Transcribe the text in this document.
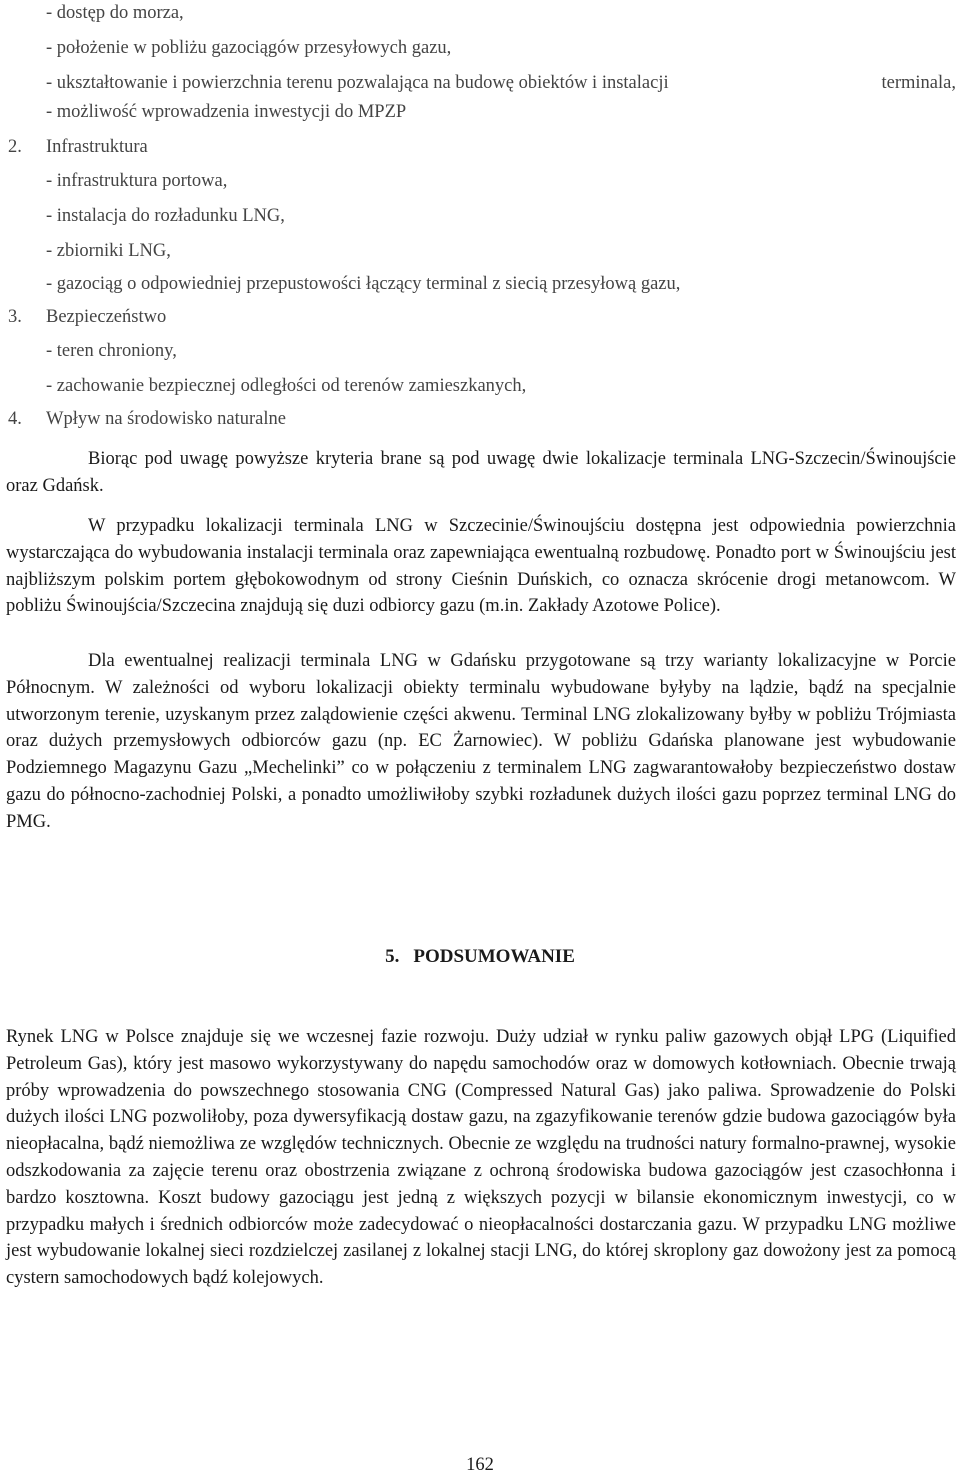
- dostęp do morza,
- położenie w pobliżu gazociągów przesyłowych gazu,
- ukształtowanie i powierzchnia terenu pozwalająca na budowę obiektów i instalacji	terminala,
- możliwość wprowadzenia inwestycji do MPZP
2. Infrastruktura
- infrastruktura portowa,
- instalacja do rozładunku LNG,
- zbiorniki LNG,
- gazociąg o odpowiedniej przepustowości łączący terminal z siecią przesyłową gazu,
3. Bezpieczeństwo
- teren chroniony,
- zachowanie bezpiecznej odległości od terenów zamieszkanych,
4. Wpływ na środowisko naturalne
Biorąc pod uwagę powyższe kryteria brane są pod uwagę dwie lokalizacje terminala LNG-Szczecin/Świnoujście oraz Gdańsk.
W przypadku lokalizacji terminala LNG w Szczecinie/Świnoujściu dostępna jest odpowiednia powierzchnia wystarczająca do wybudowania instalacji terminala oraz zapewniająca ewentualną rozbudowę. Ponadto port w Świnoujściu jest najbliższym polskim portem głębokowodnym od strony Cieśnin Duńskich, co oznacza skrócenie drogi metanowcom. W pobliżu Świnoujścia/Szczecina znajdują się duzi odbiorcy gazu (m.in. Zakłady Azotowe Police).
Dla ewentualnej realizacji terminala LNG w Gdańsku przygotowane są trzy warianty lokalizacyjne w Porcie Północnym. W zależności od wyboru lokalizacji obiekty terminalu wybudowane byłyby na lądzie, bądź na specjalnie utworzonym terenie, uzyskanym przez zalądowienie części akwenu. Terminal LNG zlokalizowany byłby w pobliżu Trójmiasta oraz dużych przemysłowych odbiorców gazu (np. EC Żarnowiec). W pobliżu Gdańska planowane jest wybudowanie Podziemnego Magazynu Gazu „Mechelinki” co w połączeniu z terminalem LNG zagwarantowałoby bezpieczeństwo dostaw gazu do północno-zachodniej Polski, a ponadto umożliwiłoby szybki rozładunek dużych ilości gazu poprzez terminal LNG do PMG.
5. PODSUMOWANIE
Rynek LNG w Polsce znajduje się we wczesnej fazie rozwoju. Duży udział w rynku paliw gazowych objął LPG (Liquified Petroleum Gas), który jest masowo wykorzystywany do napędu samochodów oraz w domowych kotłowniach. Obecnie trwają próby wprowadzenia do powszechnego stosowania CNG (Compressed Natural Gas) jako paliwa. Sprowadzenie do Polski dużych ilości LNG pozwoliłoby, poza dywersyfikacją dostaw gazu, na zgazyfikowanie terenów gdzie budowa gazociągów była nieopłacalna, bądź niemożliwa ze względów technicznych. Obecnie ze względu na trudności natury formalno-prawnej, wysokie odszkodowania za zajęcie terenu oraz obostrzenia związane z ochroną środowiska budowa gazociągów jest czasochłonna i bardzo kosztowna. Koszt budowy gazociągu jest jedną z większych pozycji w bilansie ekonomicznym inwestycji, co w przypadku małych i średnich odbiorców może zadecydować o nieopłacalności dostarczania gazu. W przypadku LNG możliwe jest wybudowanie lokalnej sieci rozdzielczej zasilanej z lokalnej stacji LNG, do której skroplony gaz dowożony jest za pomocą cystern samochodowych bądź kolejowych.
162
